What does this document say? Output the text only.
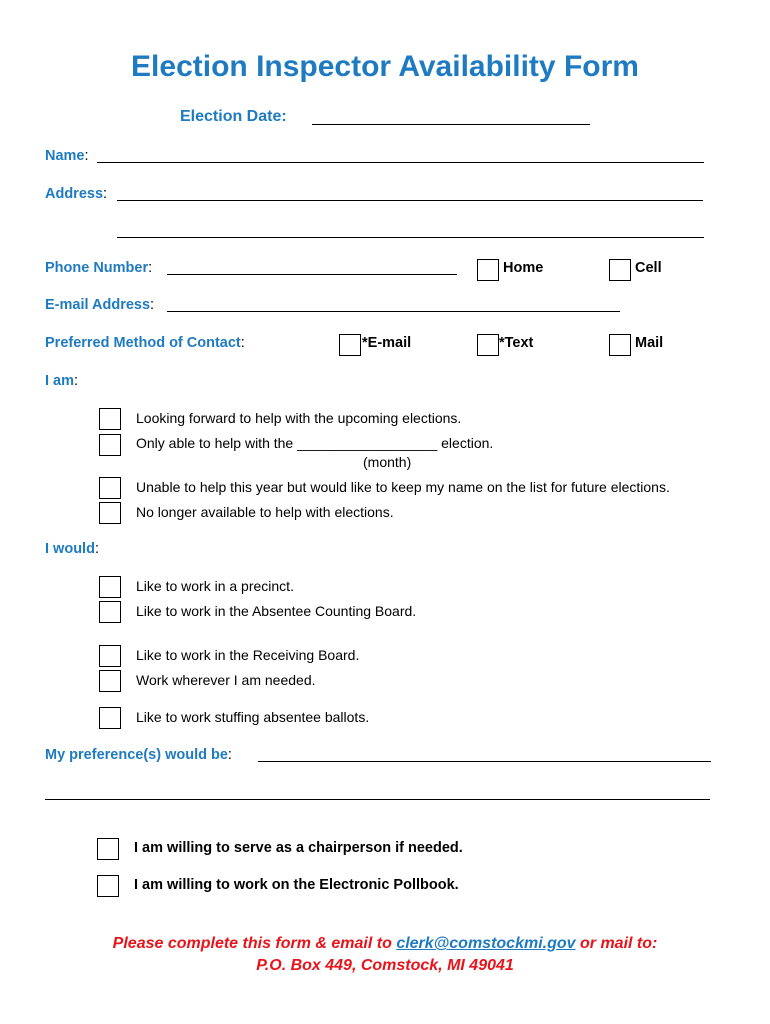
Election Inspector Availability Form
Election Date:
Name:
Address:
Phone Number:	Home	Cell
E-mail Address:
Preferred Method of Contact:	*E-mail	*Text	Mail
I am:
Looking forward to help with the upcoming elections.
Only able to help with the __________________ election.
(month)
Unable to help this year but would like to keep my name on the list for future elections.
No longer available to help with elections.
I would:
Like to work in a precinct.
Like to work in the Absentee Counting Board.
Like to work in the Receiving Board.
Work wherever I am needed.
Like to work stuffing absentee ballots.
My preference(s) would be:
I am willing to serve as a chairperson if needed.
I am willing to work on the Electronic Pollbook.
Please complete this form & email to clerk@comstockmi.gov or mail to:
P.O. Box 449, Comstock, MI 49041
